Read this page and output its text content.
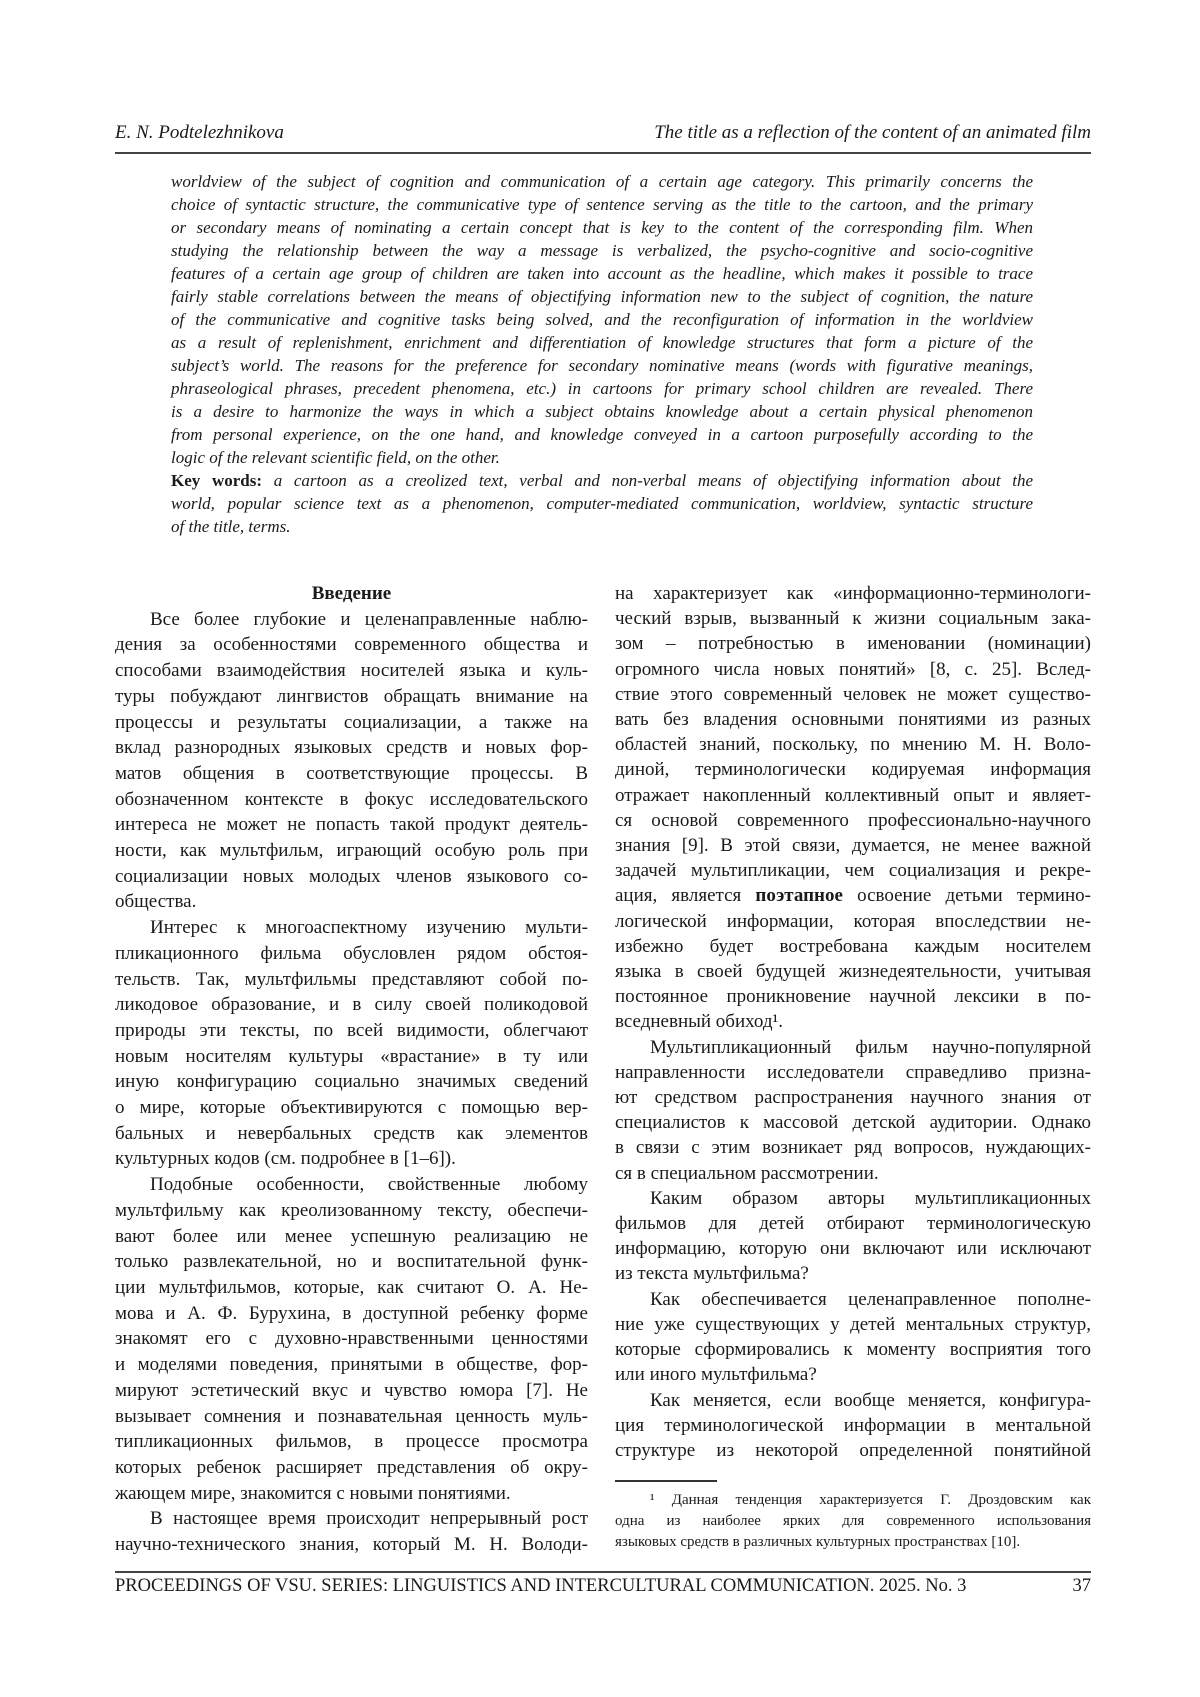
E. N. Podtelezhnikova	The title as a reflection of the content of an animated film
worldview of the subject of cognition and communication of a certain age category. This primarily concerns the
choice of syntactic structure, the communicative type of sentence serving as the title to the cartoon, and the primary
or secondary means of nominating a certain concept that is key to the content of the corresponding film. When
studying the relationship between the way a message is verbalized, the psycho-cognitive and socio-cognitive
features of a certain age group of children are taken into account as the headline, which makes it possible to trace
fairly stable correlations between the means of objectifying information new to the subject of cognition, the nature
of the communicative and cognitive tasks being solved, and the reconfiguration of information in the worldview
as a result of replenishment, enrichment and differentiation of knowledge structures that form a picture of the
subject’s world. The reasons for the preference for secondary nominative means (words with figurative meanings,
phraseological phrases, precedent phenomena, etc.) in cartoons for primary school children are revealed. There
is a desire to harmonize the ways in which a subject obtains knowledge about a certain physical phenomenon
from personal experience, on the one hand, and knowledge conveyed in a cartoon purposefully according to the
logic of the relevant scientific field, on the other.
Key words: a cartoon as a creolized text, verbal and non-verbal means of objectifying information about the
world, popular science text as a phenomenon, computer-mediated communication, worldview, syntactic structure
of the title, terms.
Введение
Все более глубокие и целенаправленные наблю-
дения за особенностями современного общества и
способами взаимодействия носителей языка и куль-
туры побуждают лингвистов обращать внимание на
процессы и результаты социализации, а также на
вклад разнородных языковых средств и новых фор-
матов общения в соответствующие процессы. В
обозначенном контексте в фокус исследовательского
интереса не может не попасть такой продукт деятель-
ности, как мультфильм, играющий особую роль при
социализации новых молодых членов языкового со-
общества.
Интерес к многоаспектному изучению мульти-
пликационного фильма обусловлен рядом обстоя-
тельств. Так, мультфильмы представляют собой по-
ликодовое образование, и в силу своей поликодовой
природы эти тексты, по всей видимости, облегчают
новым носителям культуры «врастание» в ту или
иную конфигурацию социально значимых сведений
о мире, которые объективируются с помощью вер-
бальных и невербальных средств как элементов
культурных кодов (см. подробнее в [1–6]).
Подобные особенности, свойственные любому
мультфильму как креолизованному тексту, обеспечи-
вают более или менее успешную реализацию не
только развлекательной, но и воспитательной функ-
ции мультфильмов, которые, как считают О. А. Не-
мова и А. Ф. Бурухина, в доступной ребенку форме
знакомят его с духовно-нравственными ценностями
и моделями поведения, принятыми в обществе, фор-
мируют эстетический вкус и чувство юмора [7]. Не
вызывает сомнения и познавательная ценность муль-
типликационных фильмов, в процессе просмотра
которых ребенок расширяет представления об окру-
жающем мире, знакомится с новыми понятиями.
В настоящее время происходит непрерывный рост
научно-технического знания, который М. Н. Володи-
на характеризует как «информационно-терминологи-
ческий взрыв, вызванный к жизни социальным зака-
зом – потребностью в именовании (номинации)
огромного числа новых понятий» [8, с. 25]. Вслед-
ствие этого современный человек не может существо-
вать без владения основными понятиями из разных
областей знаний, поскольку, по мнению М. Н. Воло-
диной, терминологически кодируемая информация
отражает накопленный коллективный опыт и являет-
ся основой современного профессионально-научного
знания [9]. В этой связи, думается, не менее важной
задачей мультипликации, чем социализация и рекре-
ация, является поэтапное освоение детьми термино-
логической информации, которая впоследствии не-
избежно будет востребована каждым носителем
языка в своей будущей жизнедеятельности, учитывая
постоянное проникновение научной лексики в по-
вседневный обиход¹.
Мультипликационный фильм научно-популярной
направленности исследователи справедливо призна-
ют средством распространения научного знания от
специалистов к массовой детской аудитории. Однако
в связи с этим возникает ряд вопросов, нуждающих-
ся в специальном рассмотрении.
Каким образом авторы мультипликационных
фильмов для детей отбирают терминологическую
информацию, которую они включают или исключают
из текста мультфильма?
Как обеспечивается целенаправленное пополне-
ние уже существующих у детей ментальных структур,
которые сформировались к моменту восприятия того
или иного мультфильма?
Как меняется, если вообще меняется, конфигура-
ция терминологической информации в ментальной
структуре из некоторой определенной понятийной
¹ Данная тенденция характеризуется Г. Дроздовским как
одна из наиболее ярких для современного использования
языковых средств в различных культурных пространствах [10].
PROCEEDINGS OF VSU. SERIES: LINGUISTICS AND INTERCULTURAL COMMUNICATION. 2025. No. 3	37
